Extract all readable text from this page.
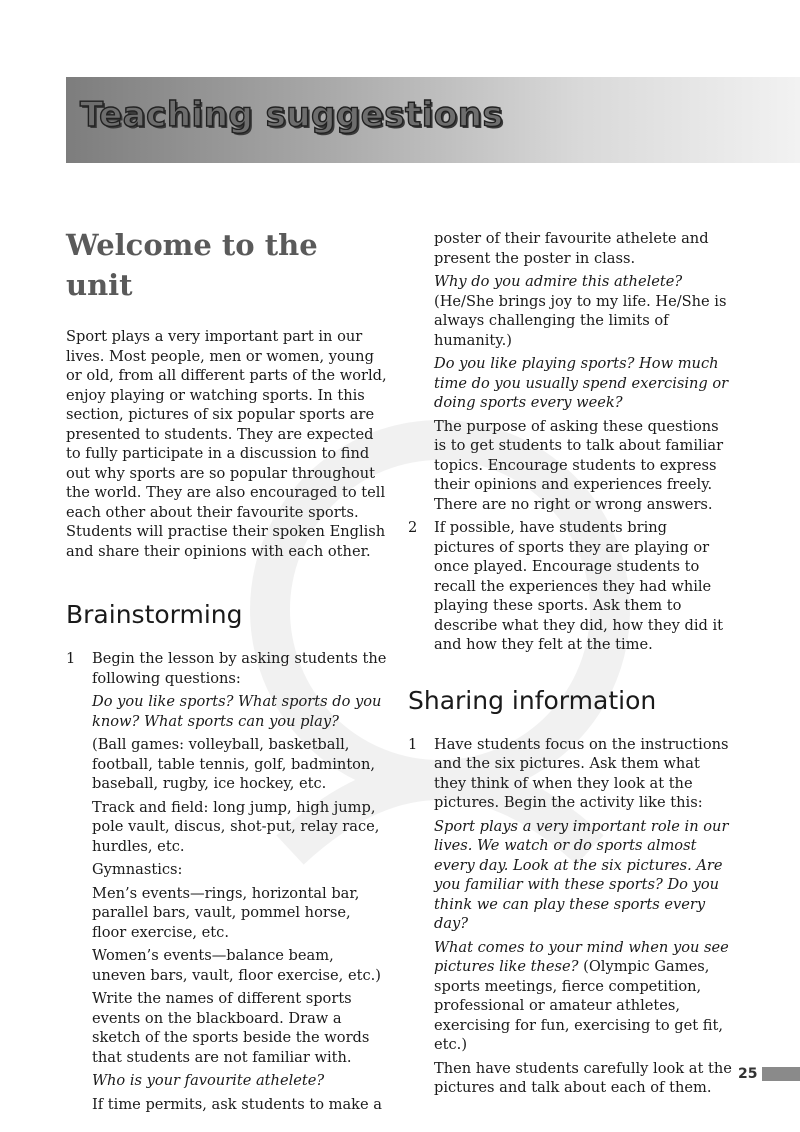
Teaching suggestions
Welcome to the unit

Sport plays a very important part in our lives. Most people, men or women, young or old, from all different parts of the world, enjoy playing or watching sports. In this section, pictures of six popular sports are presented to students. They are expected to fully participate in a discussion to find out why sports are so popular throughout the world. They are also encouraged to tell each other about their favourite sports. Students will practise their spoken English and share their opinions with each other.

Brainstorming
1 Begin the lesson by asking students the following questions:

Do you like sports? What sports do you know? What sports can you play?

(Ball games: volleyball, basketball, football, table tennis, golf, badminton, baseball, rugby, ice hockey, etc.

Track and field: long jump, high jump, pole vault, discus, shot-put, relay race, hurdles, etc.

Gymnastics:

Men’s events—rings, horizontal bar, parallel bars, vault, pommel horse, floor exercise, etc.

Women’s events—balance beam, uneven bars, vault, floor exercise, etc.)

Write the names of different sports events on the blackboard. Draw a sketch of the sports beside the words that students are not familiar with.

Who is your favourite athelete?

If time permits, ask students to make a

poster of their favourite athelete and present the poster in class.

Why do you admire this athelete? (He/She brings joy to my life. He/She is always challenging the limits of humanity.)

Do you like playing sports? How much time do you usually spend exercising or doing sports every week?

The purpose of asking these questions is to get students to talk about familiar topics. Encourage students to express their opinions and experiences freely. There are no right or wrong answers.

2 If possible, have students bring pictures of sports they are playing or once played. Encourage students to recall the experiences they had while playing these sports. Ask them to describe what they did, how they did it and how they felt at the time.

Sharing information
1 Have students focus on the instructions and the six pictures. Ask them what they think of when they look at the pictures. Begin the activity like this:

Sport plays a very important role in our lives. We watch or do sports almost every day. Look at the six pictures. Are you familiar with these sports? Do you think we can play these sports every day?

What comes to your mind when you see pictures like these? (Olympic Games, sports meetings, fierce competition, professional or amateur athletes, exercising for fun, exercising to get fit, etc.)

Then have students carefully look at the pictures and talk about each of them.

25
